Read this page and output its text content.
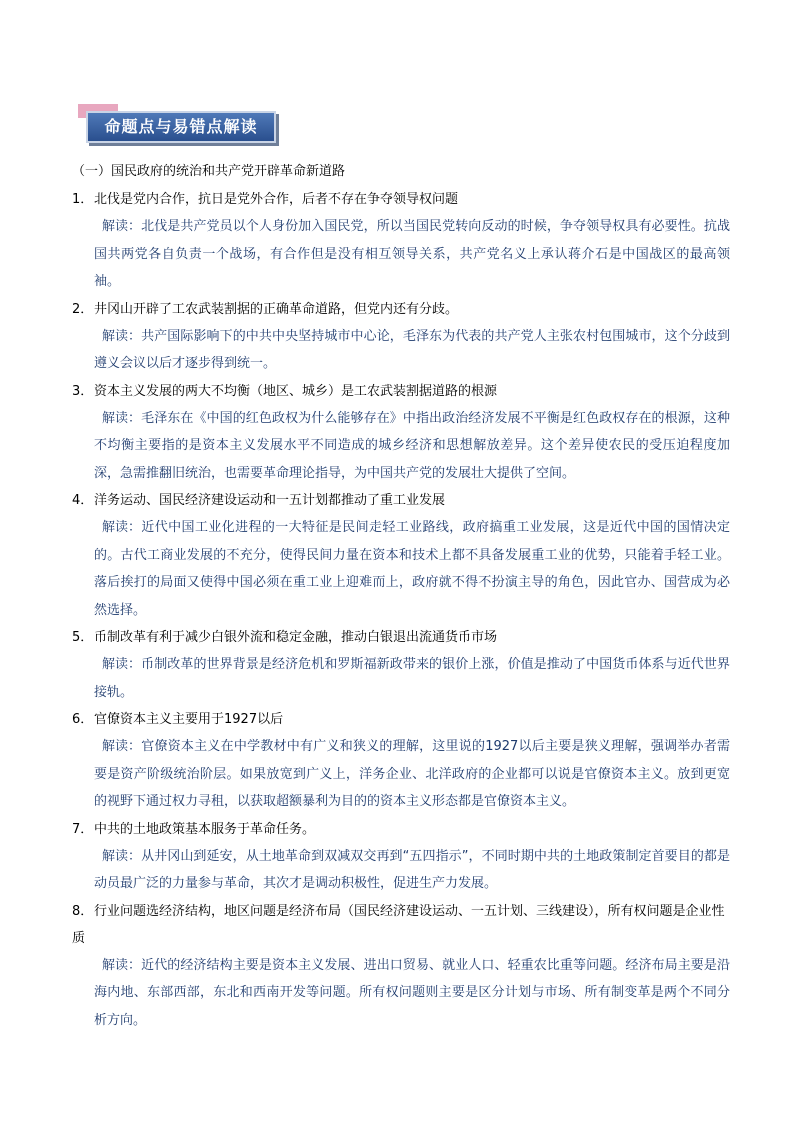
命题点与易错点解读
（一）国民政府的统治和共产党开辟革命新道路
1．北伐是党内合作，抗日是党外合作，后者不存在争夺领导权问题
解读：北伐是共产党员以个人身份加入国民党，所以当国民党转向反动的时候，争夺领导权具有必要性。抗战国共两党各自负责一个战场，有合作但是没有相互领导关系，共产党名义上承认蒋介石是中国战区的最高领袖。
2．井冈山开辟了工农武装割据的正确革命道路，但党内还有分歧。
解读：共产国际影响下的中共中央坚持城市中心论，毛泽东为代表的共产党人主张农村包围城市，这个分歧到遵义会议以后才逐步得到统一。
3．资本主义发展的两大不均衡（地区、城乡）是工农武装割据道路的根源
解读：毛泽东在《中国的红色政权为什么能够存在》中指出政治经济发展不平衡是红色政权存在的根源，这种不均衡主要指的是资本主义发展水平不同造成的城乡经济和思想解放差异。这个差异使农民的受压迫程度加深，急需推翻旧统治，也需要革命理论指导，为中国共产党的发展壮大提供了空间。
4．洋务运动、国民经济建设运动和一五计划都推动了重工业发展
解读：近代中国工业化进程的一大特征是民间走轻工业路线，政府搞重工业发展，这是近代中国的国情决定的。古代工商业发展的不充分，使得民间力量在资本和技术上都不具备发展重工业的优势，只能着手轻工业。落后挨打的局面又使得中国必须在重工业上迎难而上，政府就不得不扮演主导的角色，因此官办、国营成为必然选择。
5．币制改革有利于减少白银外流和稳定金融，推动白银退出流通货币市场
解读：币制改革的世界背景是经济危机和罗斯福新政带来的银价上涨，价值是推动了中国货币体系与近代世界接轨。
6．官僚资本主义主要用于1927以后
解读：官僚资本主义在中学教材中有广义和狭义的理解，这里说的1927以后主要是狭义理解，强调举办者需要是资产阶级统治阶层。如果放宽到广义上，洋务企业、北洋政府的企业都可以说是官僚资本主义。放到更宽的视野下通过权力寻租，以获取超额暴利为目的的资本主义形态都是官僚资本主义。
7．中共的土地政策基本服务于革命任务。
解读：从井冈山到延安，从土地革命到双减双交再到“五四指示”，不同时期中共的土地政策制定首要目的都是动员最广泛的力量参与革命，其次才是调动积极性，促进生产力发展。
8．行业问题选经济结构，地区问题是经济布局（国民经济建设运动、一五计划、三线建设），所有权问题是企业性质
解读：近代的经济结构主要是资本主义发展、进出口贸易、就业人口、轻重农比重等问题。经济布局主要是沿海内地、东部西部，东北和西南开发等问题。所有权问题则主要是区分计划与市场、所有制变革是两个不同分析方向。
